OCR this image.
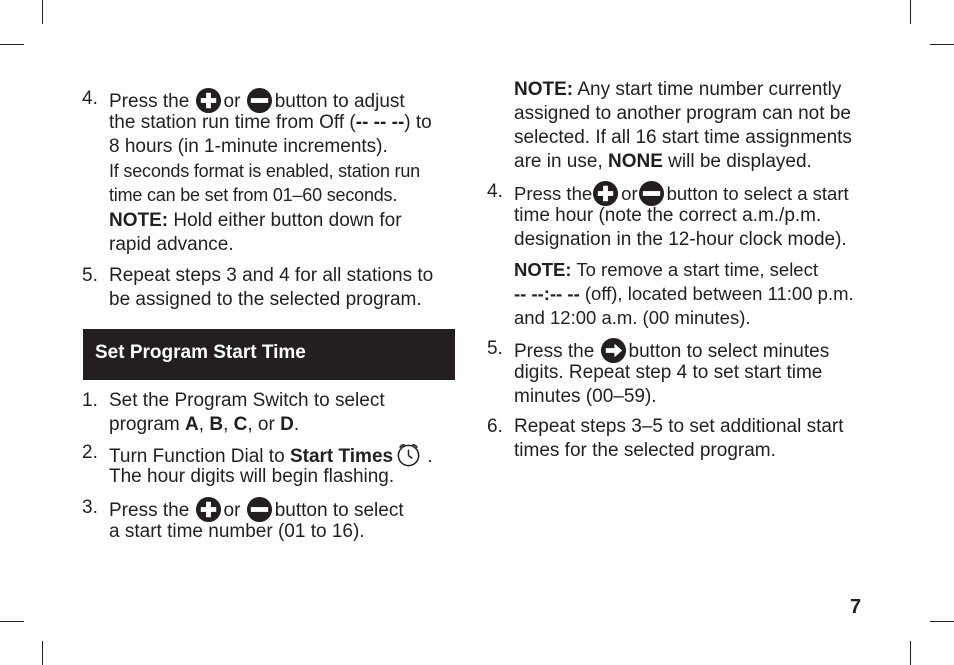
4. Press the or button to adjust
the station run time from Off (-- -- --) to
8 hours (in 1-minute increments).
If seconds format is enabled, station run
time can be set from 01–60 seconds.
NOTE: Hold either button down for
rapid advance.
5. Repeat steps 3 and 4 for all stations to
be assigned to the selected program.
Set Program Start Time
1. Set the Program Switch to select
program A, B, C, or D.
2. Turn Function Dial to Start Times .
The hour digits will begin flashing.
3. Press the or button to select
a start time number (01 to 16).
NOTE: Any start time number currently
assigned to another program can not be
selected. If all 16 start time assignments
are in use, NONE will be displayed.
4. Press the or button to select a start
time hour (note the correct a.m./p.m.
designation in the 12-hour clock mode).
NOTE: To remove a start time, select
-- --:-- -- (off), located between 11:00 p.m.
and 12:00 a.m. (00 minutes).
5. Press the button to select minutes
digits. Repeat step 4 to set start time
minutes (00–59).
6. Repeat steps 3–5 to set additional start
times for the selected program.
7
